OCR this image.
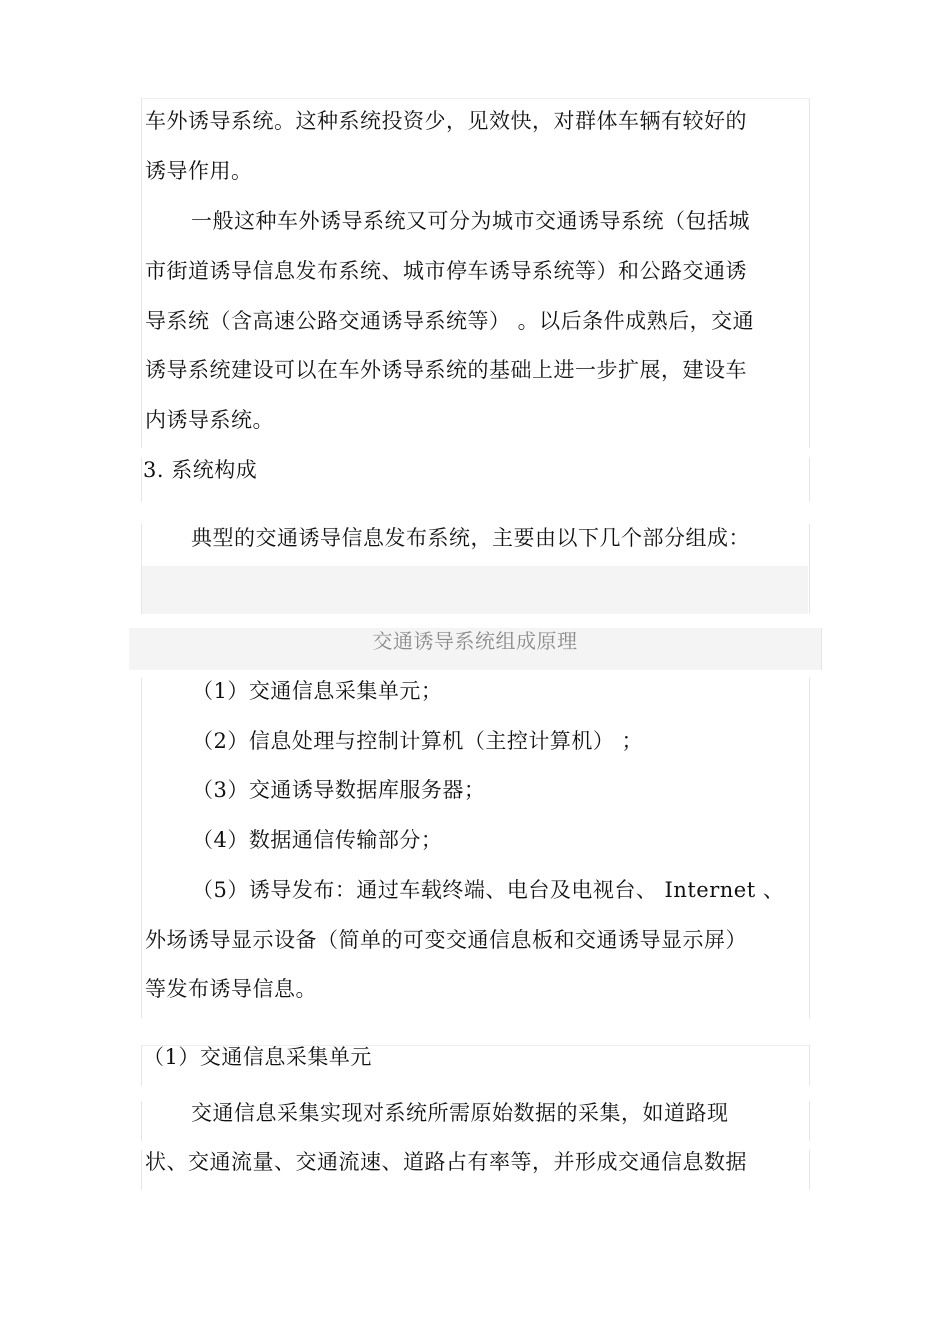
车外诱导系统。这种系统投资少，见效快，对群体车辆有较好的
诱导作用。
一般这种车外诱导系统又可分为城市交通诱导系统（包括城
市街道诱导信息发布系统、城市停车诱导系统等）和公路交通诱
导系统（含高速公路交通诱导系统等） 。以后条件成熟后，交通
诱导系统建设可以在车外诱导系统的基础上进一步扩展，建设车
内诱导系统。
3. 系统构成
典型的交通诱导信息发布系统，主要由以下几个部分组成：
交通诱导系统组成原理
（1）交通信息采集单元；
（2）信息处理与控制计算机（主控计算机） ；
（3）交通诱导数据库服务器；
（4）数据通信传输部分；
（5）诱导发布：通过车载终端、电台及电视台、 Internet 、
外场诱导显示设备（简单的可变交通信息板和交通诱导显示屏）
等发布诱导信息。
（1）交通信息采集单元
交通信息采集实现对系统所需原始数据的采集，如道路现
状、交通流量、交通流速、道路占有率等，并形成交通信息数据
